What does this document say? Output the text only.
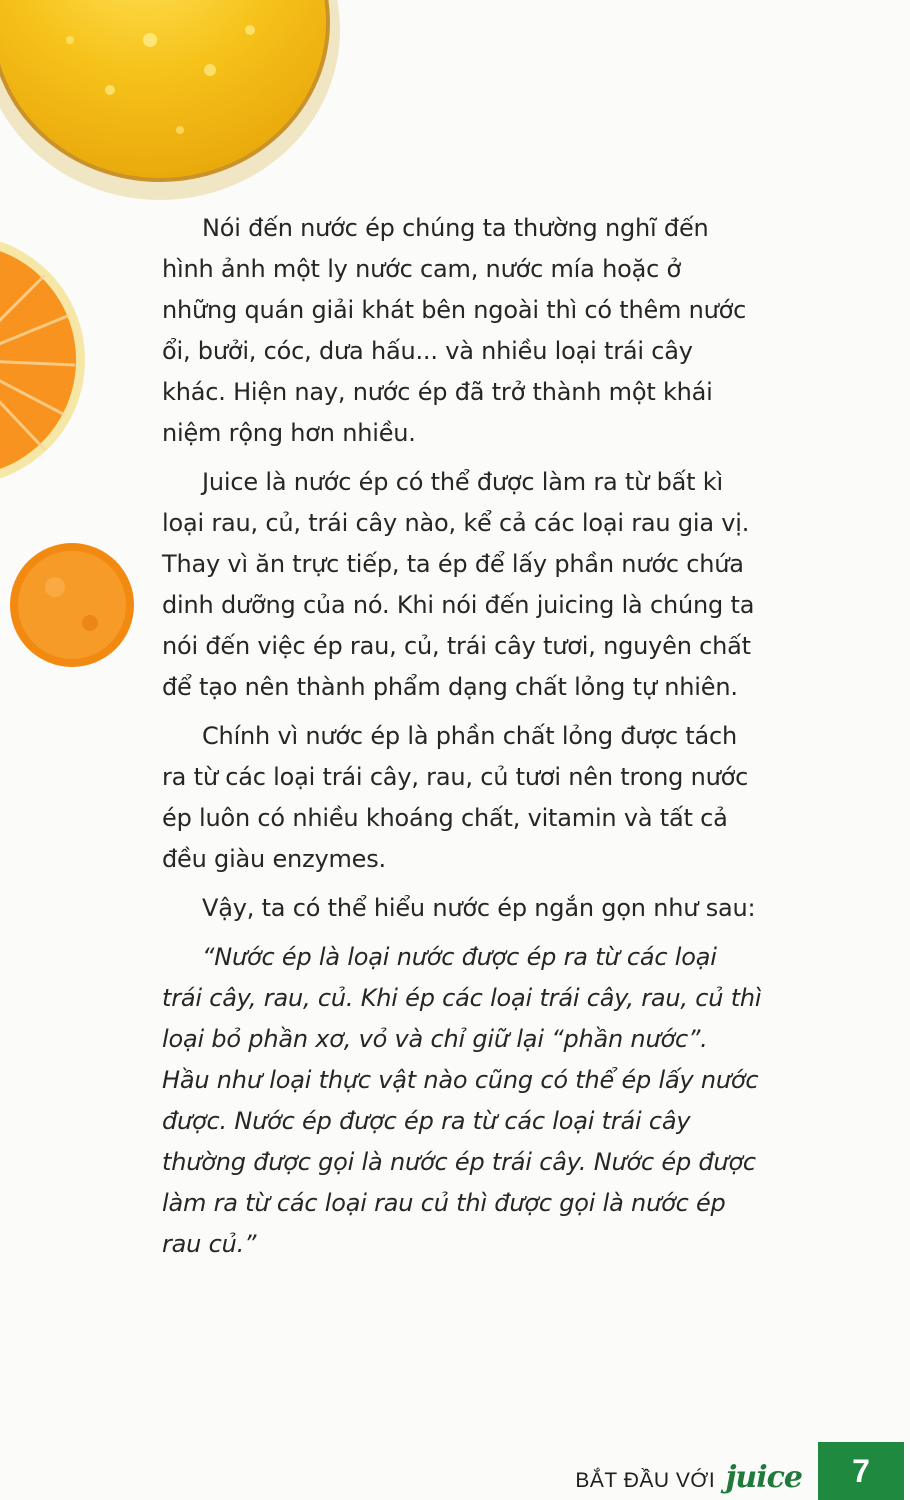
Nói đến nước ép chúng ta thường nghĩ đến hình ảnh một ly nước cam, nước mía hoặc ở những quán giải khát bên ngoài thì có thêm nước ổi, bưởi, cóc, dưa hấu... và nhiều loại trái cây khác. Hiện nay, nước ép đã trở thành một khái niệm rộng hơn nhiều.

Juice là nước ép có thể được làm ra từ bất kì loại rau, củ, trái cây nào, kể cả các loại rau gia vị. Thay vì ăn trực tiếp, ta ép để lấy phần nước chứa dinh dưỡng của nó. Khi nói đến juicing là chúng ta nói đến việc ép rau, củ, trái cây tươi, nguyên chất để tạo nên thành phẩm dạng chất lỏng tự nhiên.

Chính vì nước ép là phần chất lỏng được tách ra từ các loại trái cây, rau, củ tươi nên trong nước ép luôn có nhiều khoáng chất, vitamin và tất cả đều giàu enzymes.

Vậy, ta có thể hiểu nước ép ngắn gọn như sau:

“Nước ép là loại nước được ép ra từ các loại trái cây, rau, củ. Khi ép các loại trái cây, rau, củ thì loại bỏ phần xơ, vỏ và chỉ giữ lại “phần nước”. Hầu như loại thực vật nào cũng có thể ép lấy nước được. Nước ép được ép ra từ các loại trái cây thường được gọi là nước ép trái cây. Nước ép được làm ra từ các loại rau củ thì được gọi là nước ép rau củ.”

BẮT ĐẦU VỚI juice 7
